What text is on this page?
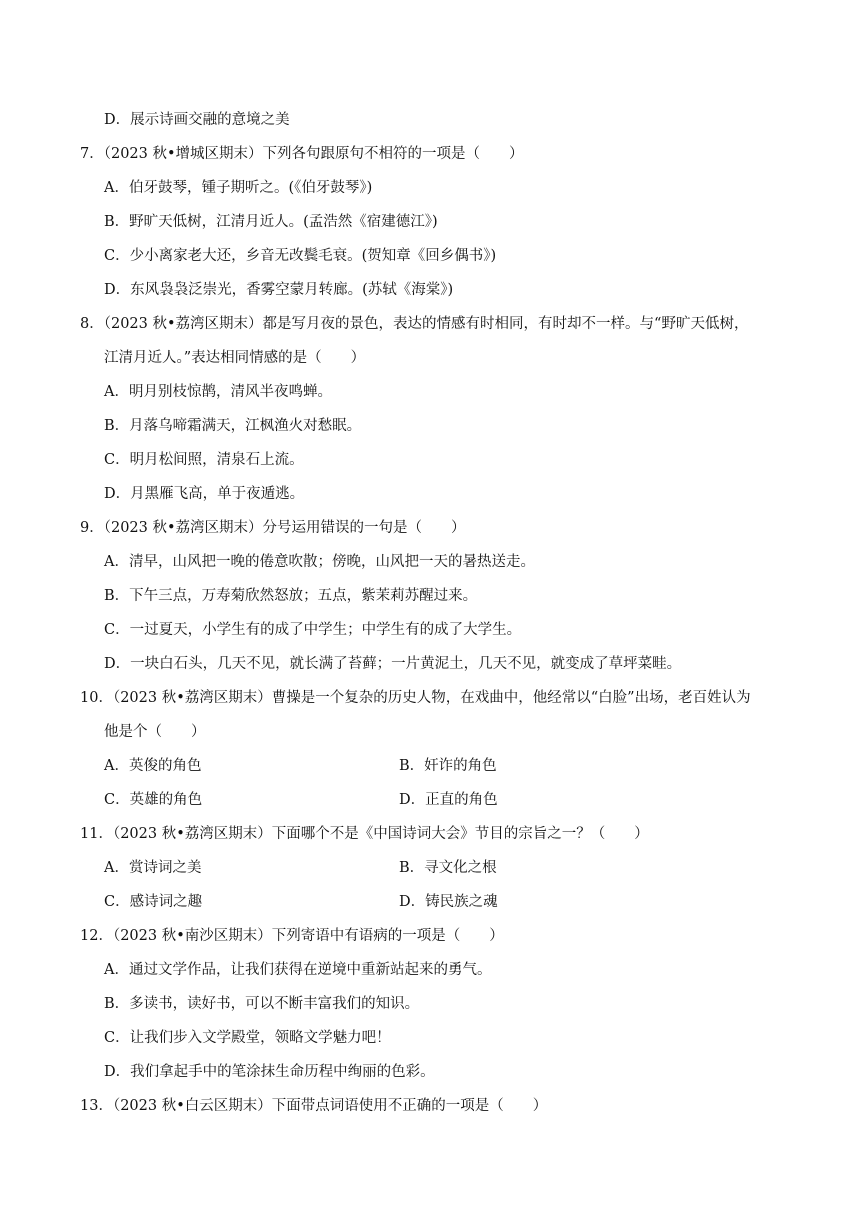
D．展示诗画交融的意境之美
7．（2023 秋•增城区期末）下列各句跟原句不相符的一项是（　　）
A．伯牙鼓琴，锺子期听之。(《伯牙鼓琴》)
B．野旷天低树，江清月近人。(孟浩然《宿建德江》)
C．少小离家老大还，乡音无改鬓毛衰。(贺知章《回乡偶书》)
D．东风袅袅泛崇光，香雾空蒙月转廊。(苏轼《海棠》)
8．（2023 秋•荔湾区期末）都是写月夜的景色，表达的情感有时相同，有时却不一样。与“野旷天低树，
江清月近人。”表达相同情感的是（　　）
A．明月别枝惊鹊，清风半夜鸣蝉。
B．月落乌啼霜满天，江枫渔火对愁眠。
C．明月松间照，清泉石上流。
D．月黑雁飞高，单于夜遁逃。
9．（2023 秋•荔湾区期末）分号运用错误的一句是（　　）
A．清早，山风把一晚的倦意吹散；傍晚，山风把一天的暑热送走。
B．下午三点，万寿菊欣然怒放；五点，紫茉莉苏醒过来。
C．一过夏天，小学生有的成了中学生；中学生有的成了大学生。
D．一块白石头，几天不见，就长满了苔藓；一片黄泥土，几天不见，就变成了草坪菜畦。
10．（2023 秋•荔湾区期末）曹操是一个复杂的历史人物，在戏曲中，他经常以“白脸”出场，老百姓认为
他是个（　　）
A．英俊的角色	B．奸诈的角色
C．英雄的角色	D．正直的角色
11．（2023 秋•荔湾区期末）下面哪个不是《中国诗词大会》节目的宗旨之一？（　　）
A．赏诗词之美	B．寻文化之根
C．感诗词之趣	D．铸民族之魂
12．（2023 秋•南沙区期末）下列寄语中有语病的一项是（　　）
A．通过文学作品，让我们获得在逆境中重新站起来的勇气。
B．多读书，读好书，可以不断丰富我们的知识。
C．让我们步入文学殿堂，领略文学魅力吧！
D．我们拿起手中的笔涂抹生命历程中绚丽的色彩。
13．（2023 秋•白云区期末）下面带点词语使用不正确的一项是（　　）
